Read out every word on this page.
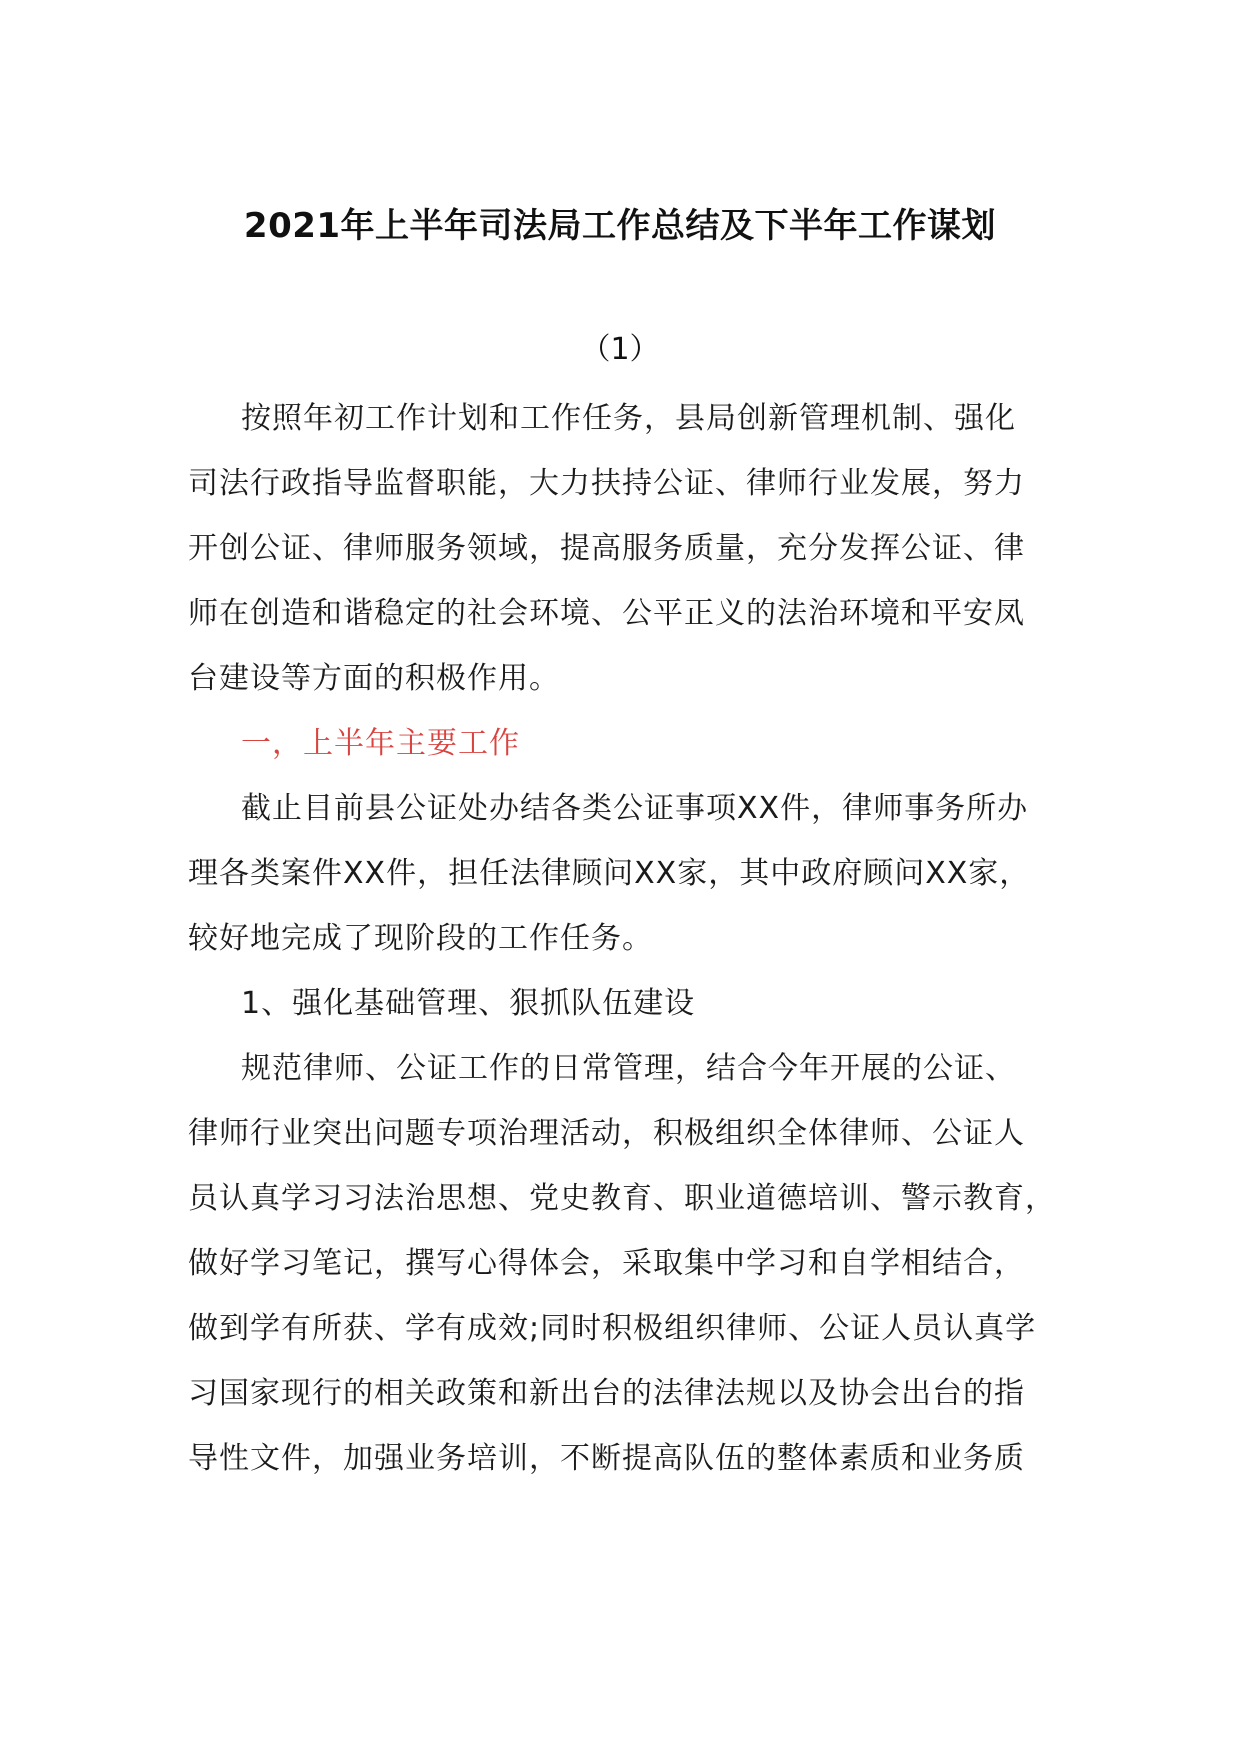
2021年上半年司法局工作总结及下半年工作谋划
（1）

按照年初工作计划和工作任务，县局创新管理机制、强化
司法行政指导监督职能，大力扶持公证、律师行业发展，努力
开创公证、律师服务领域，提高服务质量，充分发挥公证、律
师在创造和谐稳定的社会环境、公平正义的法治环境和平安凤
台建设等方面的积极作用。

一，上半年主要工作

截止目前县公证处办结各类公证事项XX件，律师事务所办
理各类案件XX件，担任法律顾问XX家，其中政府顾问XX家，
较好地完成了现阶段的工作任务。

1、强化基础管理、狠抓队伍建设

规范律师、公证工作的日常管理，结合今年开展的公证、
律师行业突出问题专项治理活动，积极组织全体律师、公证人
员认真学习习法治思想、党史教育、职业道德培训、警示教育，
做好学习笔记，撰写心得体会，采取集中学习和自学相结合，
做到学有所获、学有成效;同时积极组织律师、公证人员认真学
习国家现行的相关政策和新出台的法律法规以及协会出台的指
导性文件，加强业务培训，不断提高队伍的整体素质和业务质
